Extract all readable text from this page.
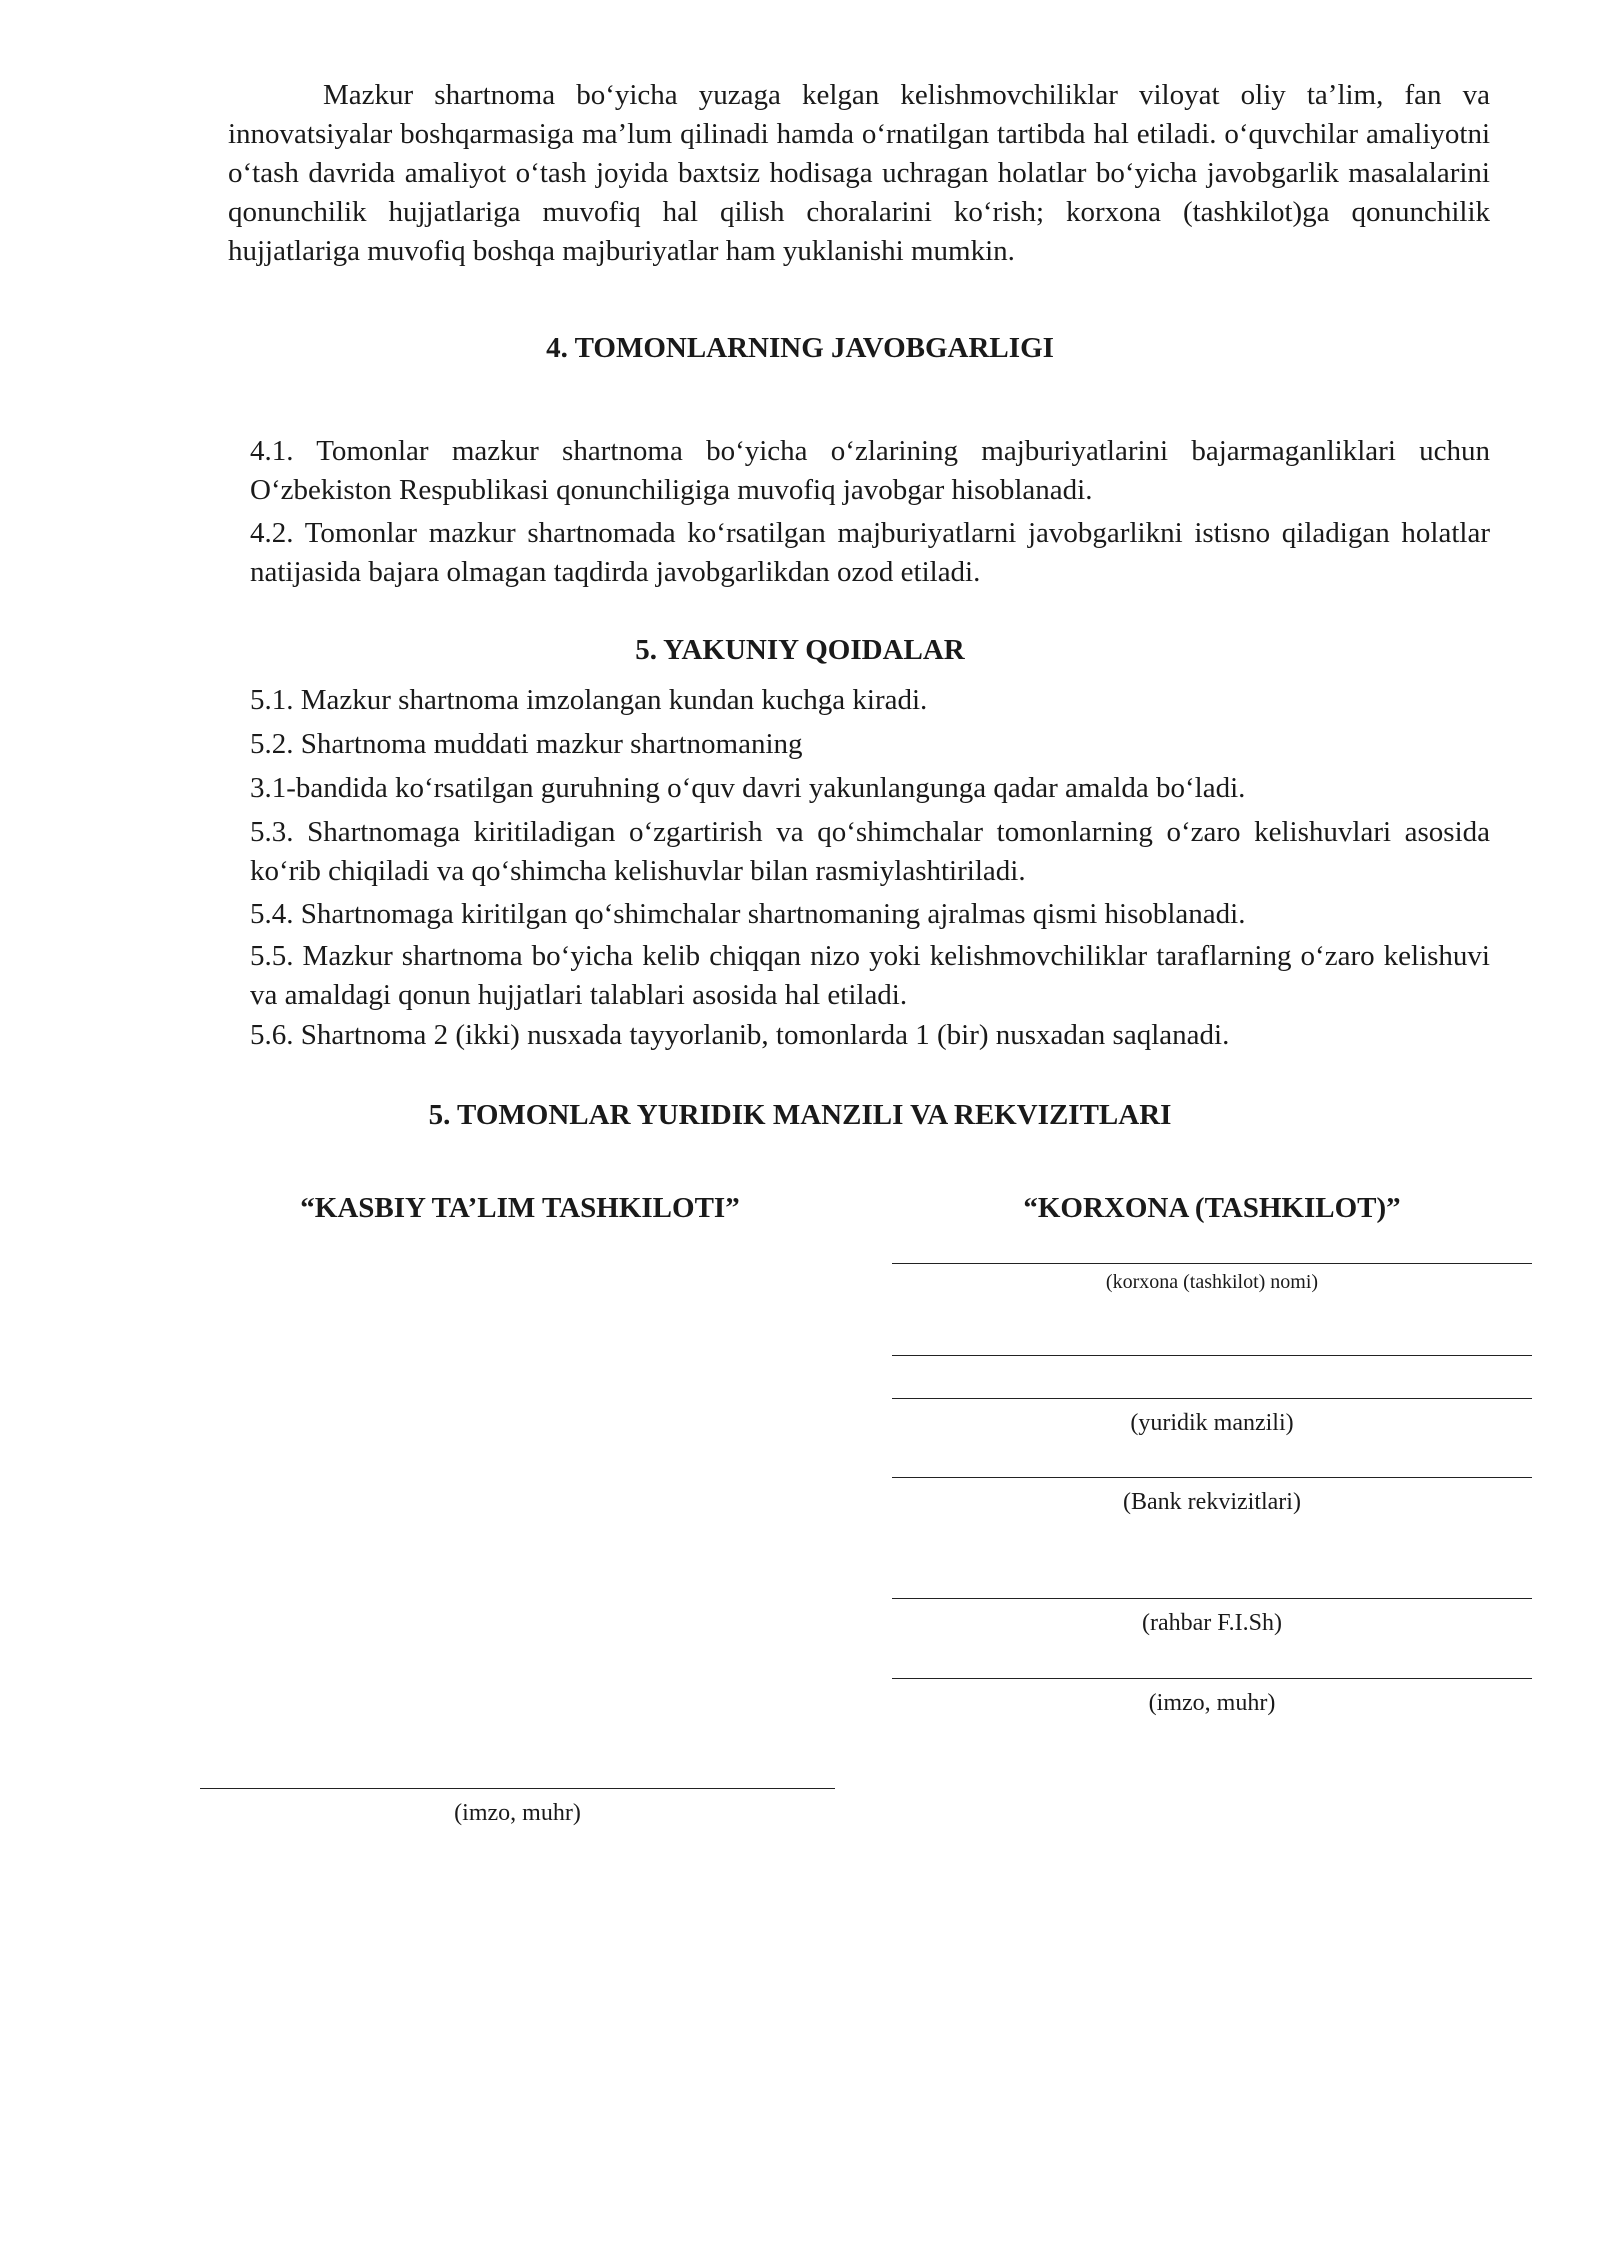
Mazkur shartnoma bo‘yicha yuzaga kelgan kelishmovchiliklar viloyat oliy ta’lim, fan va innovatsiyalar boshqarmasiga ma’lum qilinadi hamda o‘rnatilgan tartibda hal etiladi. o‘quvchilar amaliyotni o‘tash davrida amaliyot o‘tash joyida baxtsiz hodisaga uchragan holatlar bo‘yicha javobgarlik masalalarini qonunchilik hujjatlariga muvofiq hal qilish choralarini ko‘rish; korxona (tashkilot)ga qonunchilik hujjatlariga muvofiq boshqa majburiyatlar ham yuklanishi mumkin.

4. TOMONLARNING JAVOBGARLIGI

4.1. Tomonlar mazkur shartnoma bo‘yicha o‘zlarining majburiyatlarini bajarmaganliklari uchun O‘zbekiston Respublikasi qonunchiligiga muvofiq javobgar hisoblanadi.

4.2. Tomonlar mazkur shartnomada ko‘rsatilgan majburiyatlarni javobgarlikni istisno qiladigan holatlar natijasida bajara olmagan taqdirda javobgarlikdan ozod etiladi.

5. YAKUNIY QOIDALAR

5.1. Mazkur shartnoma imzolangan kundan kuchga kiradi.

5.2. Shartnoma muddati mazkur shartnomaning

3.1-bandida ko‘rsatilgan guruhning o‘quv davri yakunlangunga qadar amalda bo‘ladi.

5.3. Shartnomaga kiritiladigan o‘zgartirish va qo‘shimchalar tomonlarning o‘zaro kelishuvlari asosida ko‘rib chiqiladi va qo‘shimcha kelishuvlar bilan rasmiylashtiriladi.

5.4. Shartnomaga kiritilgan qo‘shimchalar shartnomaning ajralmas qismi hisoblanadi.

5.5. Mazkur shartnoma bo‘yicha kelib chiqqan nizo yoki kelishmovchiliklar taraflarning o‘zaro kelishuvi va amaldagi qonun hujjatlari talablari asosida hal etiladi.

5.6. Shartnoma 2 (ikki) nusxada tayyorlanib, tomonlarda 1 (bir) nusxadan saqlanadi.

5. TOMONLAR YURIDIK MANZILI VA REKVIZITLARI

“KASBIY TA’LIM TASHKILOTI”

(imzo, muhr)

“KORXONA (TASHKILOT)”

(korxona (tashkilot) nomi)

(yuridik manzili)

(Bank rekvizitlari)

(rahbar F.I.Sh)

(imzo, muhr)
